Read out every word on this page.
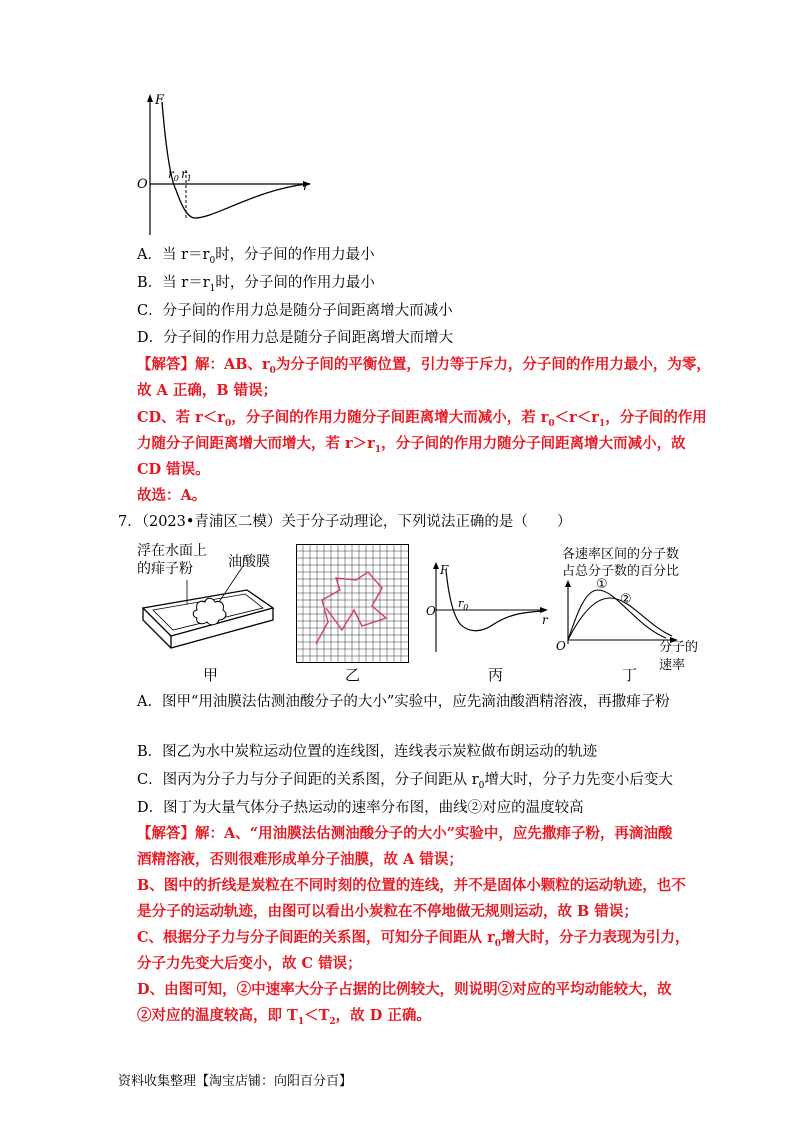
F
r
O
$r_0$ $r_1$
A．当 $r=r_0$时，分子间的作用力最小
B．当 $r=r_1$时，分子间的作用力最小
C．分子间的作用力总是随分子间距离增大而减小
D．分子间的作用力总是随分子间距离增大而增大
【解答】解：AB、$r_0$为分子间的平衡位置，引力等于斥力，分子间的作用力最小，为零，
故 A 正确，B 错误；
CD、若 $r<r_0$，分子间的作用力随分子间距离增大而减小，若 $r_0<r<r_1$，分子间的作用
力随分子间距离增大而增大，若 $r>r_1$，分子间的作用力随分子间距离增大而减小，故
CD 错误。
故选：A。
7．（2023•青浦区二模）关于分子动理论，下列说法正确的是（　　）
浮在水面上
的痱子粉	油酸膜
甲	乙
F
O
r
$r_0$
丙
O
各速率区间的分子数
占总分子数的百分比
①
②
分子的
速率
丁
A．图甲“用油膜法估测油酸分子的大小”实验中，应先滴油酸酒精溶液，再撒痱子粉
B．图乙为水中炭粒运动位置的连线图，连线表示炭粒做布朗运动的轨迹
C．图丙为分子力与分子间距的关系图，分子间距从 $r_0$增大时，分子力先变小后变大
D．图丁为大量气体分子热运动的速率分布图，曲线②对应的温度较高
【解答】解：A、“用油膜法估测油酸分子的大小”实验中，应先撒痱子粉，再滴油酸
酒精溶液，否则很难形成单分子油膜，故 A 错误；
B、图中的折线是炭粒在不同时刻的位置的连线，并不是固体小颗粒的运动轨迹，也不
是分子的运动轨迹，由图可以看出小炭粒在不停地做无规则运动，故 B 错误；
C、根据分子力与分子间距的关系图，可知分子间距从 $r_0$增大时，分子力表现为引力，
分子力先变大后变小，故 C 错误；
D、由图可知，②中速率大分子占据的比例较大，则说明②对应的平均动能较大，故
②对应的温度较高，即 $T_1<T_2$，故 D 正确。
资料收集整理【淘宝店铺：向阳百分百】
